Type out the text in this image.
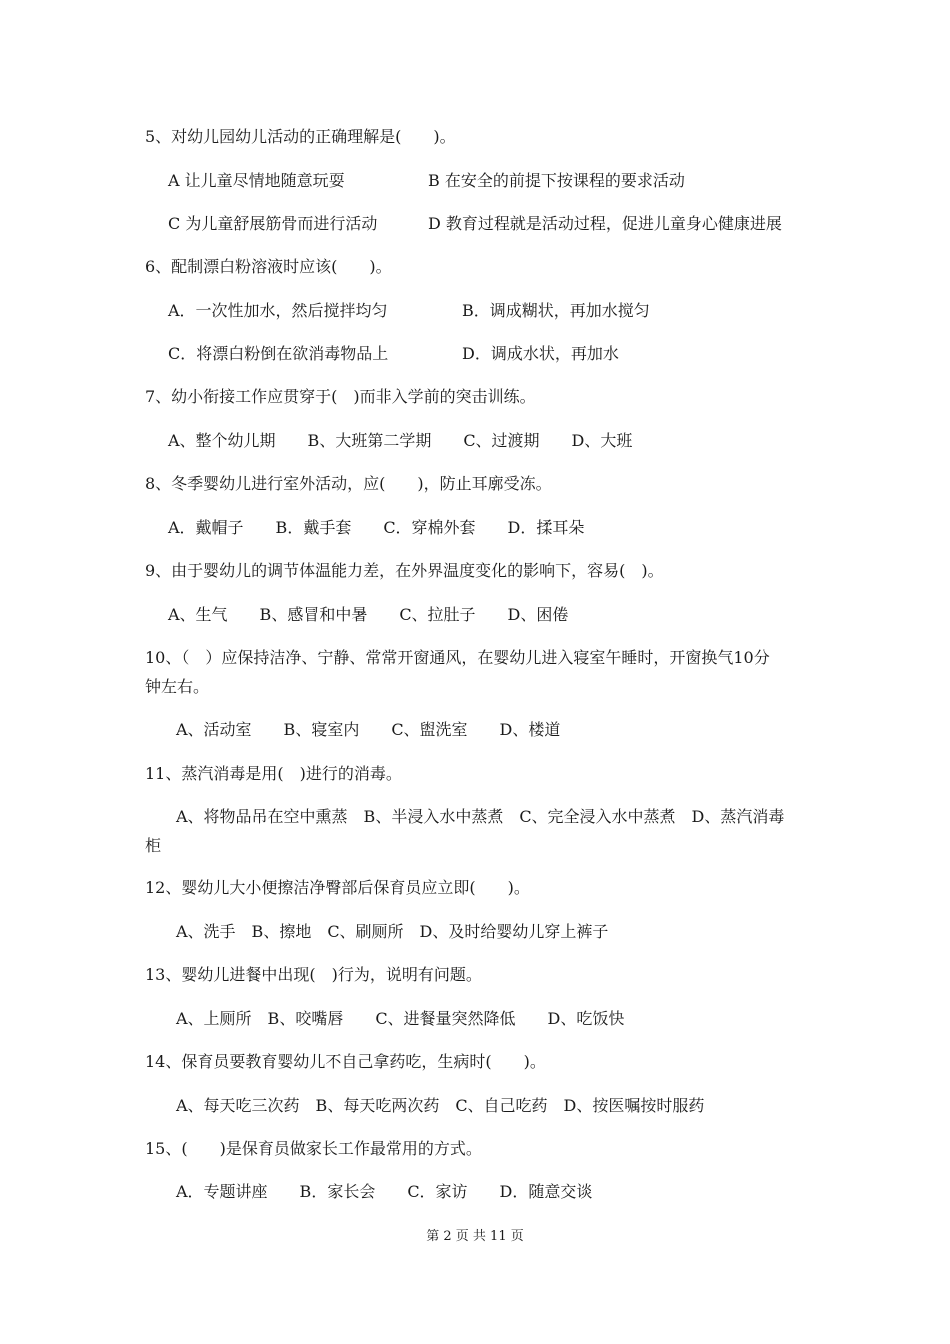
5、对幼儿园幼儿活动的正确理解是(　　)。
A 让儿童尽情地随意玩耍	B 在安全的前提下按课程的要求活动
C 为儿童舒展筋骨而进行活动	D 教育过程就是活动过程，促进儿童身心健康进展
6、配制漂白粉溶液时应该(　　)。
A．一次性加水，然后搅拌均匀	B．调成糊状，再加水搅匀
C．将漂白粉倒在欲消毒物品上	D．调成水状，再加水
7、幼小衔接工作应贯穿于(　)而非入学前的突击训练。
A、整个幼儿期　　B、大班第二学期　　C、过渡期　　D、大班
8、冬季婴幼儿进行室外活动，应(　　)，防止耳廓受冻。
A．戴帽子　　B．戴手套　　C．穿棉外套　　D．揉耳朵
9、由于婴幼儿的调节体温能力差，在外界温度变化的影响下，容易(　)。
A、生气　　B、感冒和中暑　　C、拉肚子　　D、困倦
10、（　）应保持洁净、宁静、常常开窗通风，在婴幼儿进入寝室午睡时，开窗换气10分
钟左右。
A、活动室　　B、寝室内　　C、盥洗室　　D、楼道
11、蒸汽消毒是用(　)进行的消毒。
A、将物品吊在空中熏蒸　B、半浸入水中蒸煮　C、完全浸入水中蒸煮　D、蒸汽消毒
柜
12、婴幼儿大小便擦洁净臀部后保育员应立即(　　)。
A、洗手　B、擦地　C、刷厕所　D、及时给婴幼儿穿上裤子
13、婴幼儿进餐中出现(　)行为，说明有问题。
A、上厕所　B、咬嘴唇　　C、进餐量突然降低　　D、吃饭快
14、保育员要教育婴幼儿不自己拿药吃，生病时(　　)。
A、每天吃三次药　B、每天吃两次药　C、自己吃药　D、按医嘱按时服药
15、(　　)是保育员做家长工作最常用的方式。
A．专题讲座　　B．家长会　　C．家访　　D．随意交谈
第 2 页 共 11 页
